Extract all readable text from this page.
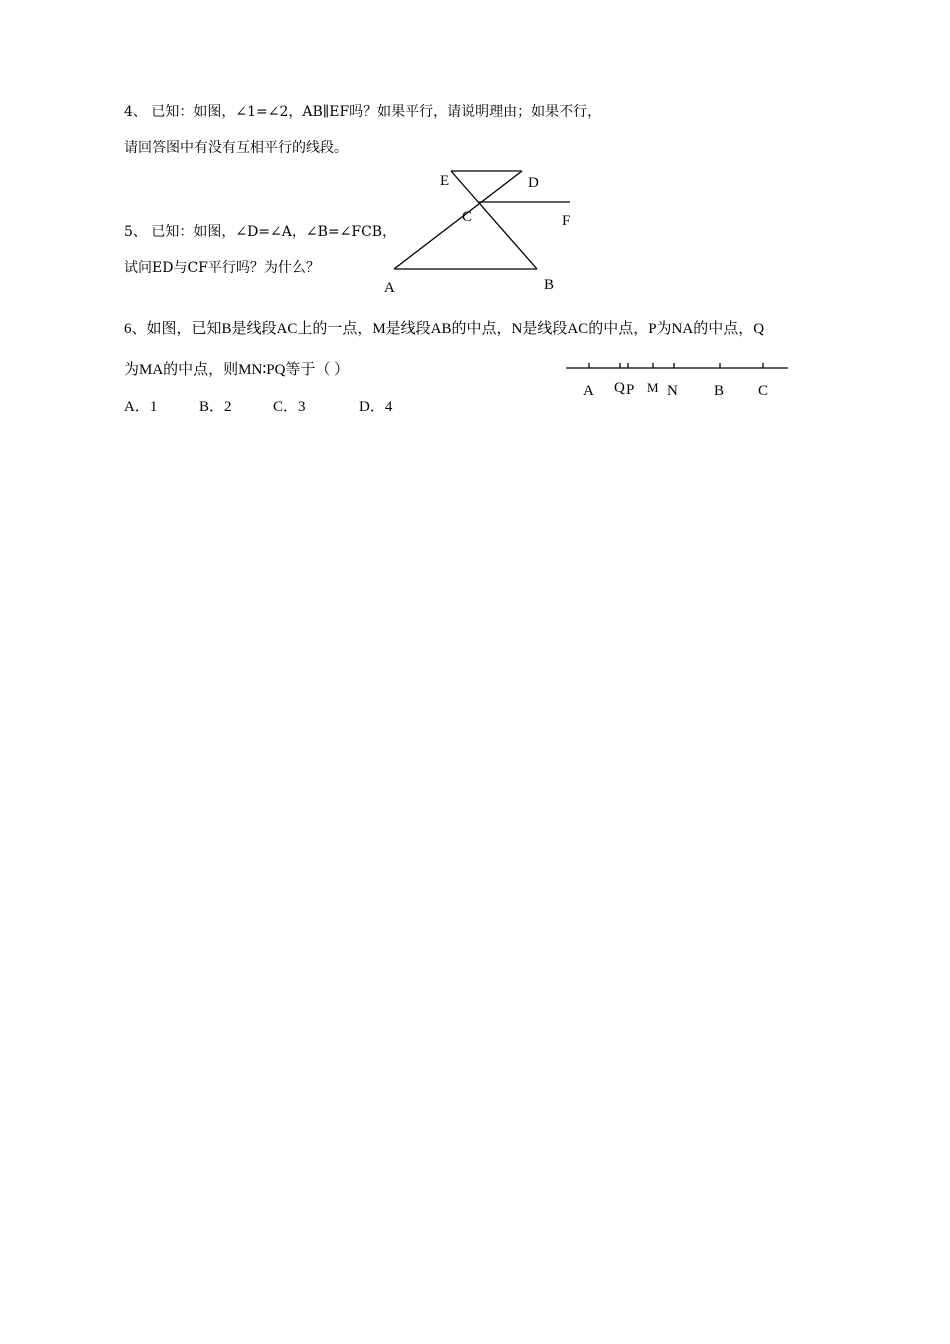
4、 已知：如图，∠1=∠2，AB∥EF吗？如果平行，请说明理由；如果不行，
请回答图中有没有互相平行的线段。
5、 已知：如图，∠D=∠A，∠B=∠FCB，
试问ED与CF平行吗？为什么？
E	D
C	F
A	B
6、如图，已知B是线段AC上的一点，M是线段AB的中点，N是线段AC的中点，P为NA的中点，Q
为MA的中点，则MN∶PQ等于（ ）
A．1	B．2	C．3	D．4
A Q P M N B C
